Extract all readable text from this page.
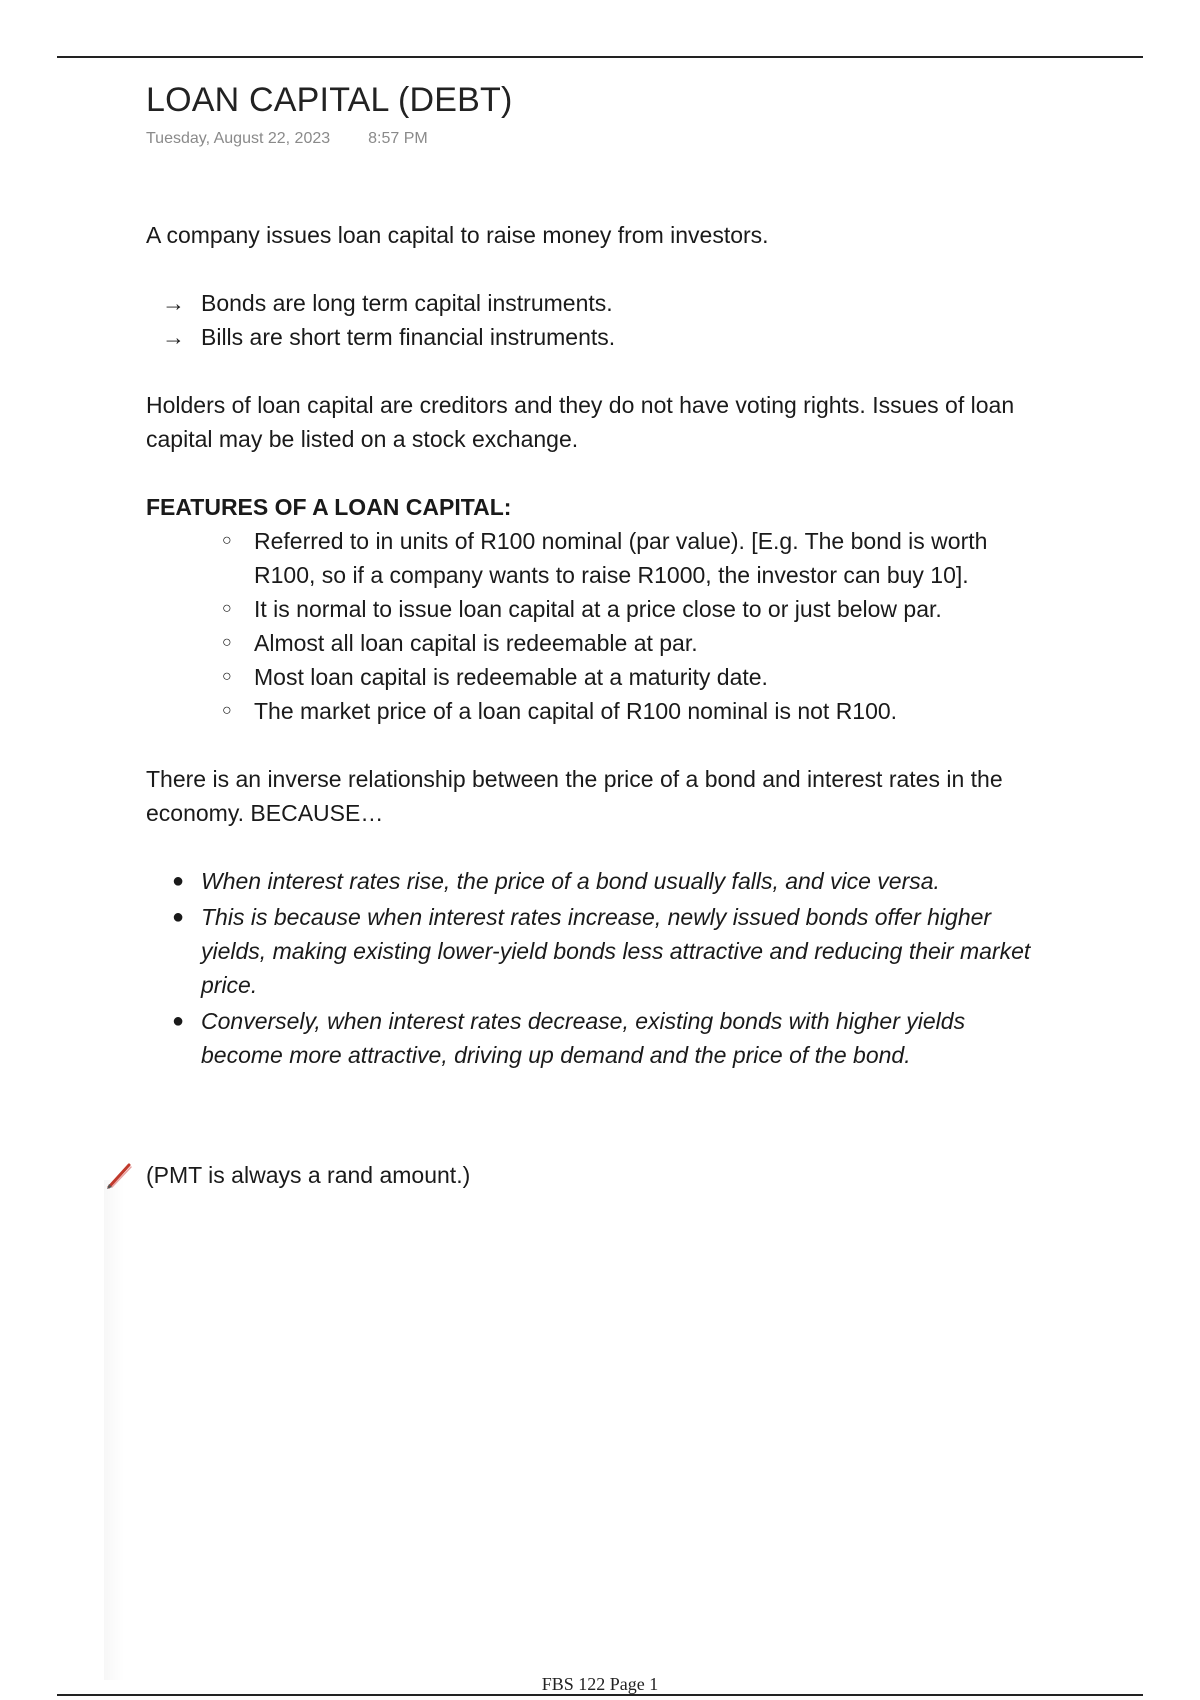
LOAN CAPITAL (DEBT)
Tuesday, August 22, 2023 8:57 PM

A company issues loan capital to raise money from investors.

→ Bonds are long term capital instruments.
→ Bills are short term financial instruments.

Holders of loan capital are creditors and they do not have voting rights. Issues of loan capital may be listed on a stock exchange.

FEATURES OF A LOAN CAPITAL:
○ Referred to in units of R100 nominal (par value). [E.g. The bond is worth R100, so if a company wants to raise R1000, the investor can buy 10].
○ It is normal to issue loan capital at a price close to or just below par.
○ Almost all loan capital is redeemable at par.
○ Most loan capital is redeemable at a maturity date.
○ The market price of a loan capital of R100 nominal is not R100.

There is an inverse relationship between the price of a bond and interest rates in the economy. BECAUSE…

● When interest rates rise, the price of a bond usually falls, and vice versa.
● This is because when interest rates increase, newly issued bonds offer higher yields, making existing lower-yield bonds less attractive and reducing their market price.
● Conversely, when interest rates decrease, existing bonds with higher yields become more attractive, driving up demand and the price of the bond.
(PMT is always a rand amount.)
FBS 122 Page 1
